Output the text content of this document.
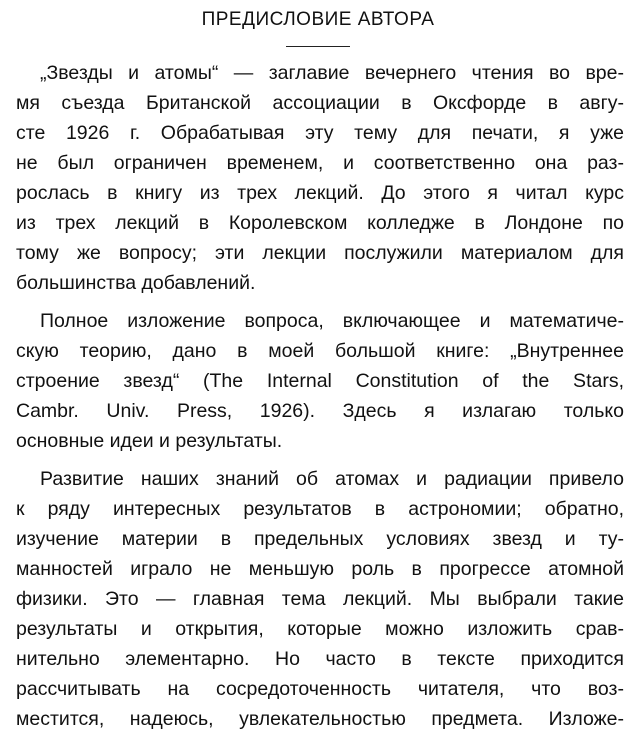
ПРЕДИСЛОВИЕ АВТОРА
„Звезды и атомы“ — заглавие вечернего чтения во вре-
мя съезда Британской ассоциации в Оксфорде в авгу-
сте 1926 г. Обрабатывая эту тему для печати, я уже
не был ограничен временем, и соответственно она раз-
рослась в книгу из трех лекций. До этого я читал курс
из трех лекций в Королевском колледже в Лондоне по
тому же вопросу; эти лекции послужили материалом для
большинства добавлений.
Полное изложение вопроса, включающее и математиче-
скую теорию, дано в моей большой книге: „Внутреннее
строение звезд“ (The Internal Constitution of the Stars,
Cambr. Univ. Press, 1926). Здесь я излагаю только
основные идеи и результаты.
Развитие наших знаний об атомах и радиации привело
к ряду интересных результатов в астрономии; обратно,
изучение материи в предельных условиях звезд и ту-
манностей играло не меньшую роль в прогрессе атомной
физики. Это — главная тема лекций. Мы выбрали такие
результаты и открытия, которые можно изложить срав-
нительно элементарно. Но часто в тексте приходится
рассчитывать на сосредоточенность читателя, что воз-
местится, надеюсь, увлекательностью предмета. Изложе-
